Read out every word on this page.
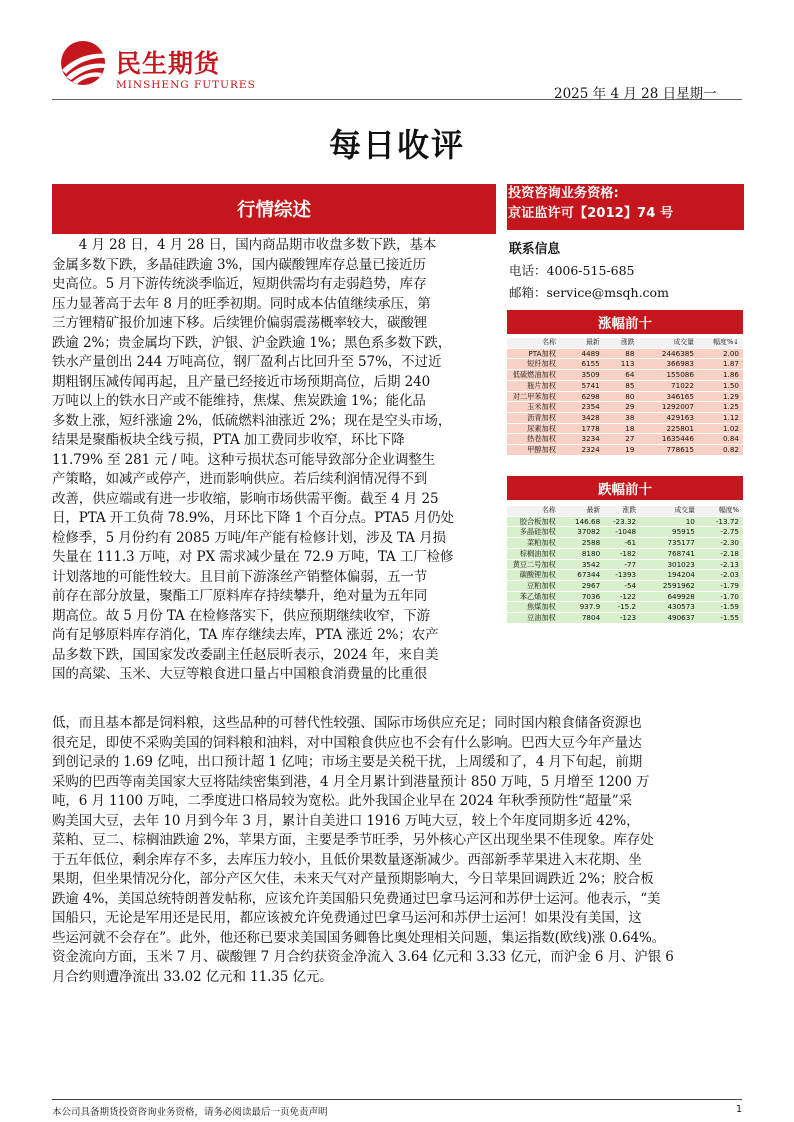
民生期货
MINSHENG FUTURES
2025 年 4 月 28 日星期一
每日收评
行情综述
投资咨询业务资格:
京证监许可【2012】74 号
联系信息
电话：4006-515-685
邮箱：service@msqh.com
涨幅前十
名称	最新	涨跌	成交量	幅度%↓
PTA加权	4489	88	2446385	2.00
短纤加权	6155	113	366983	1.87
低硫燃油加权	3509	64	155086	1.86
瓶片加权	5741	85	71022	1.50
对二甲苯加权	6298	80	346165	1.29
玉米加权	2354	29	1292007	1.25
沥青加权	3428	38	429163	1.12
尿素加权	1778	18	225801	1.02
热卷加权	3234	27	1635446	0.84
甲醇加权	2324	19	778615	0.82
跌幅前十
名称	最新	涨跌	成交量	幅度%
胶合板加权	146.68	-23.32	10	-13.72
多晶硅加权	37082	-1048	95915	-2.75
菜粕加权	2588	-61	735177	-2.30
棕榈油加权	8180	-182	768741	-2.18
黄豆二号加权	3542	-77	301023	-2.13
碳酸锂加权	67344	-1393	194204	-2.03
豆粕加权	2967	-54	2591962	-1.79
苯乙烯加权	7036	-122	649928	-1.70
焦煤加权	937.9	-15.2	430573	-1.59
豆油加权	7804	-123	490637	-1.55
　　4 月 28 日，4 月 28 日，国内商品期市收盘多数下跌，基本
金属多数下跌，多晶硅跌逾 3%，国内碳酸锂库存总量已接近历
史高位。5 月下游传统淡季临近，短期供需均有走弱趋势，库存
压力显著高于去年 8 月的旺季初期。同时成本估值继续承压，第
三方锂精矿报价加速下移。后续锂价偏弱震荡概率较大，碳酸锂
跌逾 2%；贵金属均下跌，沪银、沪金跌逾 1%；黑色系多数下跌，
铁水产量创出 244 万吨高位，钢厂盈利占比回升至 57%，不过近
期粗钢压减传闻再起，且产量已经接近市场预期高位，后期 240
万吨以上的铁水日产或不能维持，焦煤、焦炭跌逾 1%；能化品
多数上涨，短纤涨逾 2%，低硫燃料油涨近 2%；现在是空头市场，
结果是聚酯板块全线亏损，PTA 加工费同步收窄，环比下降
11.79% 至 281 元 / 吨。这种亏损状态可能导致部分企业调整生
产策略，如减产或停产，进而影响供应。若后续利润情况得不到
改善，供应端或有进一步收缩，影响市场供需平衡。截至 4 月 25
日，PTA 开工负荷 78.9%，月环比下降 1 个百分点。PTA5 月仍处
检修季，5 月份约有 2085 万吨/年产能有检修计划，涉及 TA 月损
失量在 111.3 万吨，对 PX 需求减少量在 72.9 万吨，TA 工厂检修
计划落地的可能性较大。且目前下游涤丝产销整体偏弱，五一节
前存在部分放量，聚酯工厂原料库存持续攀升，绝对量为五年同
期高位。故 5 月份 TA 在检修落实下，供应预期继续收窄，下游
尚有足够原料库存消化，TA 库存继续去库，PTA 涨近 2%；农产
品多数下跌，国国家发改委副主任赵辰昕表示，2024 年，来自美
国的高粱、玉米、大豆等粮食进口量占中国粮食消费量的比重很
低，而且基本都是饲料粮，这些品种的可替代性较强、国际市场供应充足；同时国内粮食储备资源也
很充足，即使不采购美国的饲料粮和油料，对中国粮食供应也不会有什么影响。巴西大豆今年产量达
到创记录的 1.69 亿吨，出口预计超 1 亿吨；市场主要是关税干扰，上周缓和了，4 月下旬起，前期
采购的巴西等南美国家大豆将陆续密集到港，4 月全月累计到港量预计 850 万吨，5 月增至 1200 万
吨，6 月 1100 万吨，二季度进口格局较为宽松。此外我国企业早在 2024 年秋季预防性“超量”采
购美国大豆，去年 10 月到今年 3 月，累计自美进口 1916 万吨大豆，较上个年度同期多近 42%，
菜粕、豆二、棕榈油跌逾 2%，苹果方面，主要是季节旺季，另外核心产区出现坐果不佳现象。库存处
于五年低位，剩余库存不多，去库压力较小，且低价果数量逐渐减少。西部新季苹果进入末花期、坐
果期，但坐果情况分化，部分产区欠佳，未来天气对产量预期影响大，今日苹果回调跌近 2%；胶合板
跌逾 4%，美国总统特朗普发帖称，应该允许美国船只免费通过巴拿马运河和苏伊士运河。他表示，“美
国船只，无论是军用还是民用，都应该被允许免费通过巴拿马运河和苏伊士运河！如果没有美国，这
些运河就不会存在”。此外，他还称已要求美国国务卿鲁比奥处理相关问题，集运指数(欧线)涨 0.64%。
资金流向方面，玉米 7 月、碳酸锂 7 月合约获资金净流入 3.64 亿元和 3.33 亿元，而沪金 6 月、沪银 6
月合约则遭净流出 33.02 亿元和 11.35 亿元。
本公司具备期货投资咨询业务资格，请务必阅读最后一页免责声明	1
